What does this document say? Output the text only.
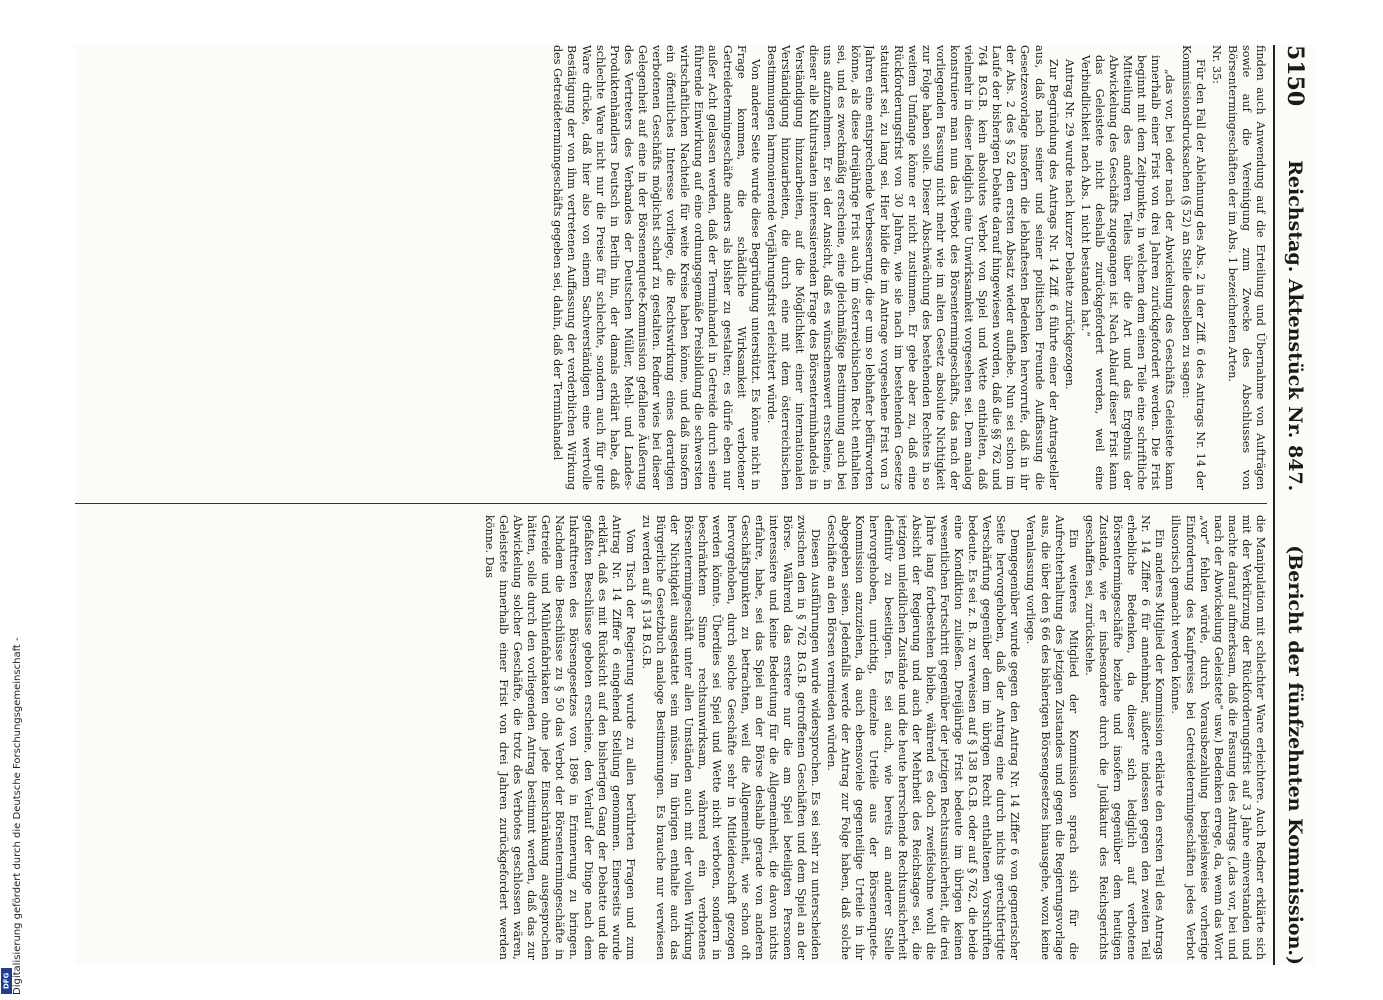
Digitalisierung gefördert durch die Deutsche Forschungsgemeinschaft -
DFG
5150
Reichstag. Aktenstück Nr. 847.
(Bericht der fünfzehnten Kommission.)

finden auch Anwendung auf die Erteilung und Übernahme von Aufträgen sowie auf die Vereinigung zum Zwecke des Abschlusses von Börsentermingeschäften der im Abs. 1 bezeichneten Arten.

Nr. 35:

Für den Fall der Ablehnung des Abs. 2 in der Ziff. 6 des Antrags Nr. 14 der Kommissionsdrucksachen (§ 52) an Stelle desselben zu sagen:

„das vor, bei oder nach der Abwickelung des Geschäfts Geleistete kann innerhalb einer Frist von drei Jahren zurückgefordert werden. Die Frist beginnt mit dem Zeitpunkte, in welchem dem einen Teile eine schriftliche Mitteilung des anderen Teiles über die Art und das Ergebnis der Abwickelung des Geschäfts zugegangen ist. Nach Ablauf dieser Frist kann das Geleistete nicht deshalb zurückgefordert werden, weil eine Verbindlichkeit nach Abs. 1 nicht bestanden hat.“

Antrag Nr. 29 wurde nach kurzer Debatte zurückgezogen.

Zur Begründung des Antrags Nr. 14 Ziff. 6 führte einer der Antragsteller aus, daß nach seiner und seiner politischen Freunde Auffassung die Gesetzesvorlage insofern die lebhaftesten Bedenken hervorrufe, daß in ihr der Abs. 2 des § 52 den ersten Absatz wieder aufhebe. Nun sei schon im Laufe der bisherigen Debatte darauf hingewiesen worden, daß die §§ 762 und 764 B.G.B. kein absolutes Verbot von Spiel und Wette enthielten, daß vielmehr in dieser lediglich eine Unwirksamkeit vorgesehen sei. Dem analog konstruiere man nun das Verbot des Börsentermingeschäfts, das nach der vorliegenden Fassung nicht mehr wie im alten Gesetz absolute Nichtigkeit zur Folge haben solle. Dieser Abschwächung des bestehenden Rechtes in so weitem Umfange könne er nicht zustimmen. Er gebe aber zu, daß eine Rückforderungsfrist von 30 Jahren, wie sie nach im bestehenden Gesetze statuiert sei, zu lang sei. Hier bilde die im Antrage vorgesehene Frist von 3 Jahren eine entsprechende Verbesserung, die er um so lebhafter befürworten könne, als diese dreijährige Frist auch im österreichischen Recht enthalten sei, und es zweckmäßig erscheine, eine gleichmäßige Bestimmung auch bei uns aufzunehmen. Er sei der Ansicht, daß es wünschenswert erscheine, in dieser alle Kulturstaaten interessierenden Frage des Börsenterminhandels in Verständigung hinzuarbeiten, auf die Möglichkeit einer internationalen Verständigung hinzuarbeiten, die durch eine mit dem österreichischen Bestimmungen harmonierende Verjährungsfrist erleichtert würde.

Von anderer Seite wurde diese Begründung unterstützt. Es könne nicht in Frage kommen, die schädliche Wirksamkeit verbotener Getreidetermingeschäfte anders als bisher zu gestalten; es dürfe eben nur außer Acht gelassen werden, daß der Terminhandel in Getreide durch seine führende Einwirkung auf eine ordnungsgemäße Preisbildung die schwersten wirtschaftlichen Nachteile für weite Kreise haben könne, und daß insofern ein öffentliches Interesse vorliege, die Rechtswirkung eines derartigen verbotenen Geschäfts möglichst scharf zu gestalten. Redner wies bei dieser Gelegenheit auf eine in der Börsenenquete-Kommission gefallene Äußerung des Vertreters des Verbandes der Deutschen Müller, Mehl- und Landes-Produktenhändlers Deutsch in Berlin hin, der damals erklärt habe, daß schlechte Ware nicht nur die Preise für schlechte, sondern auch für gute Ware drücke, daß hier also von einem Sachverständigen eine wertvolle Bestätigung der von ihm vertretenen Auffassung der verderblichen Wirkung des Getreideterminngeschäfts gegeben sei, dahin, daß der Terminhandel

die Manipulation mit schlechter Ware erleichtere. Auch Redner erklärte sich mit der Verkürzung der Rückforderungsfrist auf 3 Jahre einverstanden und machte darauf aufmerksam, daß die Fassung des Antrags („das vor, bei und nach der Abwickelung Geleistete“ usw.) Bedenken errege, da, wenn das Wort „vor“ fehlen würde, durch Vorausbezahlung beispielsweise vorherige Einforderung des Kaufpreises bei Getreidetermingeschäften jedes Verbot illusorisch gemacht werden könne.

Ein anderes Mitglied der Kommission erklärte den ersten Teil des Antrags Nr. 14 Ziffer 6 für annehmbar, äußerte indessen gegen den zweiten Teil erhebliche Bedenken, da dieser sich lediglich auf verbotene Börsentermingeschäfte beziehe und insofern gegenüber dem heutigen Zustande, wie er insbesondere durch die Judikatur des Reichsgerichts geschaffen sei, zurückstehe.

Ein weiteres Mitglied der Kommission sprach sich für die Aufrechterhaltung des jetzigen Zustandes und gegen die Regierungsvorlage aus, die über den § 66 des bisherigen Börsengesetzes hinausgehe, wozu keine Veranlassung vorliege.

Demgegenüber wurde gegen den Antrag Nr. 14 Ziffer 6 von gegnerischer Seite hervorgehoben, daß der Antrag eine durch nichts gerechtfertigte Verschärfung gegenüber dem im übrigen Recht enthaltenen Vorschriften bedeute. Es sei z. B. zu verweisen auf § 138 B.G.B. oder auf § 762, die beide eine Kondiktion zuließen. Dreijährige Frist bedeute im übrigen keinen wesentlichen Fortschritt gegenüber der jetzigen Rechtsunsicherheit, die drei Jahre lang fortbestehen bleibe, während es doch zweifelsohne wohl die Absicht der Regierung und auch der Mehrheit des Reichstages sei, die jetzigen unleidlichen Zustände und die heute herrschende Rechtsunsicherheit definitiv zu beseitigen. Es sei auch, wie bereits an anderer Stelle hervorgehoben, unrichtig, einzelne Urteile aus der Börsenenquete-Kommission anzuziehen, da auch ebensoviele gegenteilige Urteile in ihr abgegeben seien. Jedenfalls werde der Antrag zur Folge haben, daß solche Geschäfte an den Börsen vermieden würden.

Diesen Ausführungen wurde widersprochen. Es sei sehr zu unterscheiden zwischen den in § 762 B.G.B. getroffenen Geschäften und dem Spiel an der Börse. Während das erstere nur die am Spiel beteiligten Personen interessiere und keine Bedeutung für die Allgemeinheit, die davon nichts erfahre, habe, sei das Spiel an der Börse deshalb gerade von anderen Geschäftspunkten zu betrachten, weil die Allgemeinheit, wie schon oft hervorgehoben, durch solche Geschäfte sehr in Mitleidenschaft gezogen werden könnte. Überdies sei Spiel und Wette nicht verboten, sondern in beschränktem Sinne rechtsunwirksam, während ein verbotenes Börsentermingeschäft unter allen Umständen auch mit der vollen Wirkung der Nichtigkeit ausgestattet sein müsse. Im übrigen enthalte auch das Bürgerliche Gesetzbuch analoge Bestimmungen. Es brauche nur verwiesen zu werden auf § 134 B.G.B.

Vom Tisch der Regierung wurde zu allen berührten Fragen und zum Antrag Nr. 14 Ziffer 6 eingehend Stellung genommen. Einerseits wurde erklärt, daß es mit Rücksicht auf den bisherigen Gang der Debatte und die gefaßten Beschlüsse geboten erscheine, den Verlauf der Dinge nach dem Inkrafttreten des Börsengesetzes von 1896 in Erinnerung zu bringen. Nachdem die Beschlüsse zu § 50 das Verbot der Börsentermingeschäfte in Getreide und Mühlenfabrikaten ohne jede Einschränkung ausgesprochen hätten, solle durch den vorliegenden Antrag bestimmt werden, daß das zur Abwickelung solcher Geschäfte, die trotz des Verbotes geschlossen wären, Geleistete innerhalb einer Frist von drei Jahren zurückgefordert werden könne. Das
